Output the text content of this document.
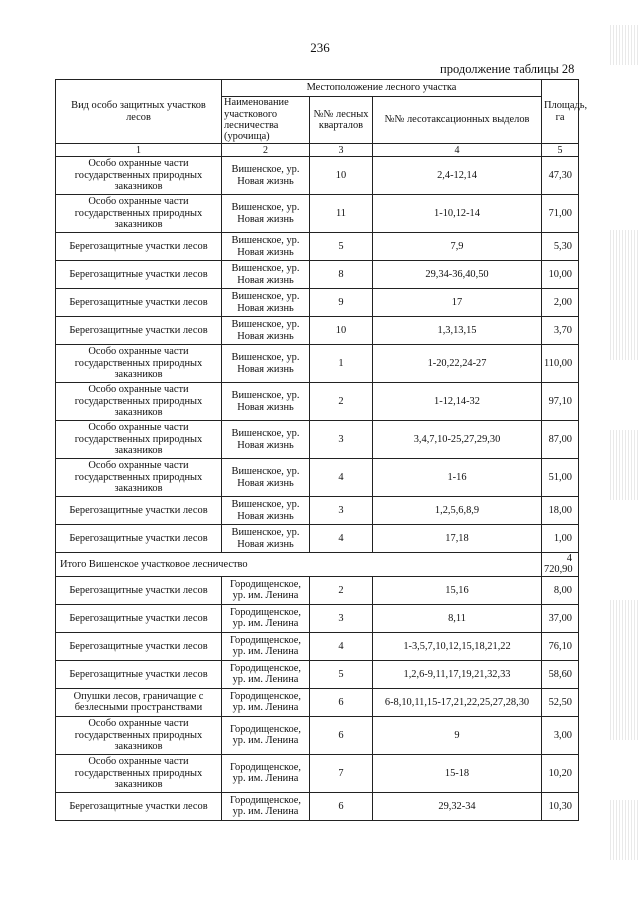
236
продолжение таблицы 28
Вид особо защитных участков лесов	Местоположение лесного участка			Площадь, га
	Наименование участкового лесничества (урочища)	№№ лесных кварталов	№№ лесотаксационных выделов	
1	2	3	4	5
Особо охранные части государственных природных заказников	Вишенское, ур. Новая жизнь	10	2,4-12,14	47,30
Особо охранные части государственных природных заказников	Вишенское, ур. Новая жизнь	11	1-10,12-14	71,00
Берегозащитные участки лесов	Вишенское, ур. Новая жизнь	5	7,9	5,30
Берегозащитные участки лесов	Вишенское, ур. Новая жизнь	8	29,34-36,40,50	10,00
Берегозащитные участки лесов	Вишенское, ур. Новая жизнь	9	17	2,00
Берегозащитные участки лесов	Вишенское, ур. Новая жизнь	10	1,3,13,15	3,70
Особо охранные части государственных природных заказников	Вишенское, ур. Новая жизнь	1	1-20,22,24-27	110,00
Особо охранные части государственных природных заказников	Вишенское, ур. Новая жизнь	2	1-12,14-32	97,10
Особо охранные части государственных природных заказников	Вишенское, ур. Новая жизнь	3	3,4,7,10-25,27,29,30	87,00
Особо охранные части государственных природных заказников	Вишенское, ур. Новая жизнь	4	1-16	51,00
Берегозащитные участки лесов	Вишенское, ур. Новая жизнь	3	1,2,5,6,8,9	18,00
Берегозащитные участки лесов	Вишенское, ур. Новая жизнь	4	17,18	1,00
Итого Вишенское участковое лесничество				4 720,90
Берегозащитные участки лесов	Городищенское, ур. им. Ленина	2	15,16	8,00
Берегозащитные участки лесов	Городищенское, ур. им. Ленина	3	8,11	37,00
Берегозащитные участки лесов	Городищенское, ур. им. Ленина	4	1-3,5,7,10,12,15,18,21,22	76,10
Берегозащитные участки лесов	Городищенское, ур. им. Ленина	5	1,2,6-9,11,17,19,21,32,33	58,60
Опушки лесов, граничащие с безлесными пространствами	Городищенское, ур. им. Ленина	6	6-8,10,11,15-17,21,22,25,27,28,30	52,50
Особо охранные части государственных природных заказников	Городищенское, ур. им. Ленина	6	9	3,00
Особо охранные части государственных природных заказников	Городищенское, ур. им. Ленина	7	15-18	10,20
Берегозащитные участки лесов	Городищенское, ур. им. Ленина	6	29,32-34	10,30
